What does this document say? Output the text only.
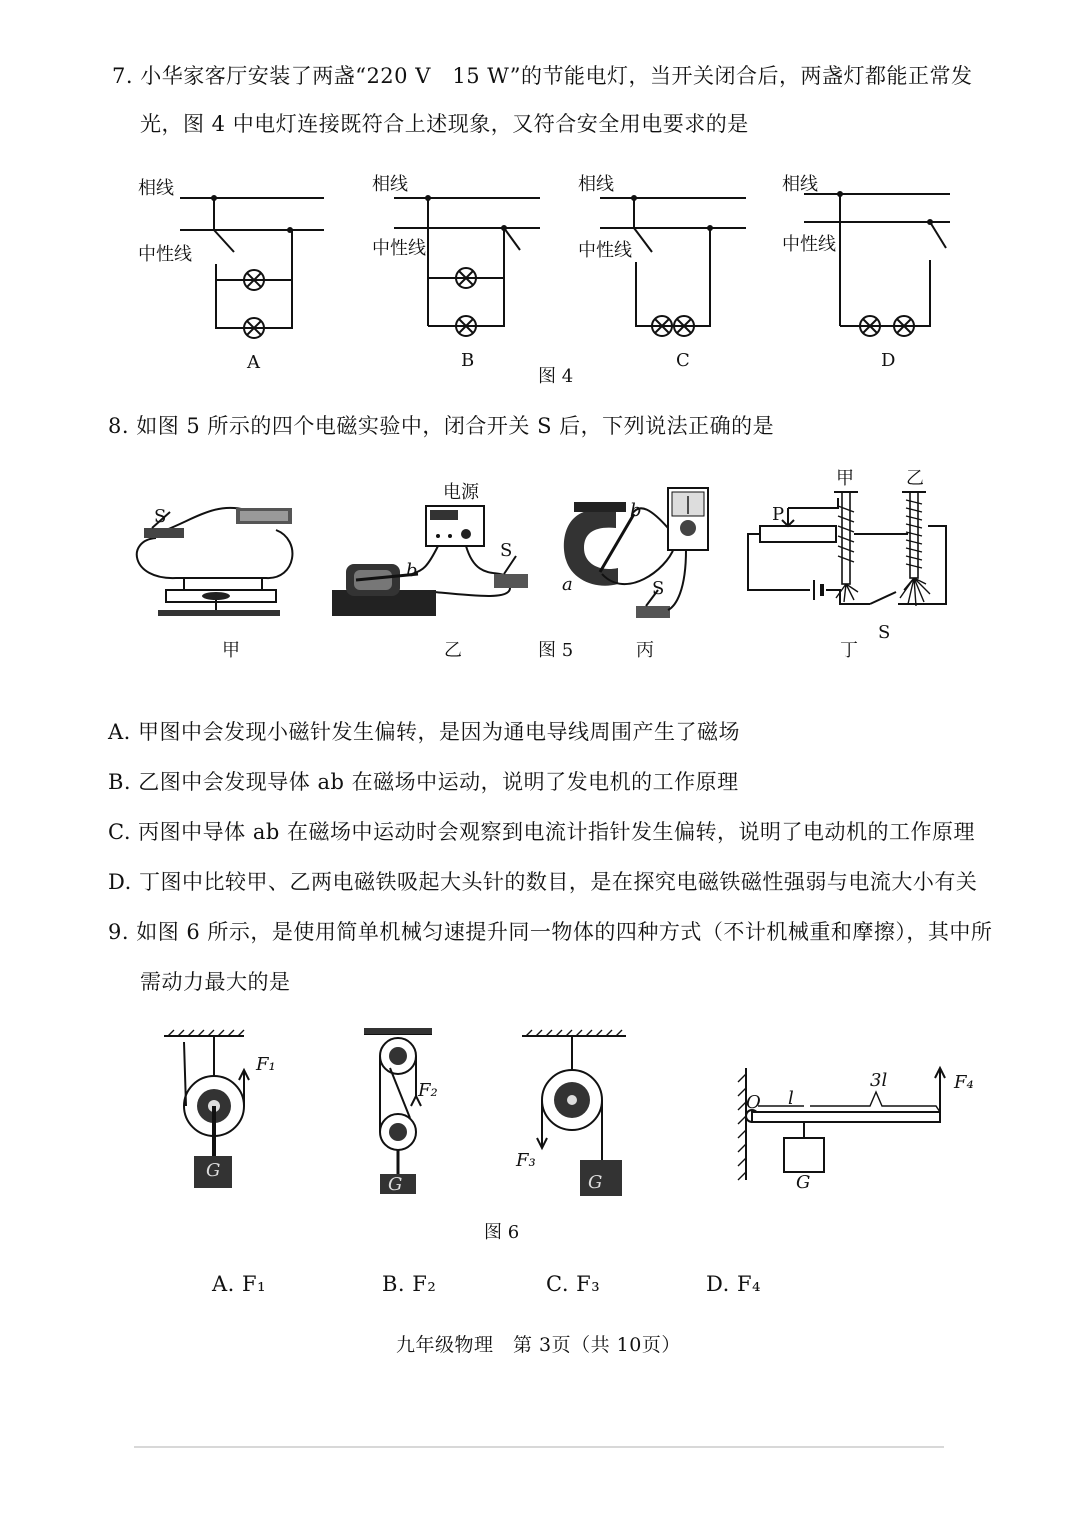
7. 小华家客厅安装了两盏“220 V　15 W”的节能电灯，当开关闭合后，两盏灯都能正常发
光，图 4 中电灯连接既符合上述现象，又符合安全用电要求的是
相线
中性线
A
相线
中性线
B
相线
中性线
C
图 4
相线
中性线
D
8. 如图 5 所示的四个电磁实验中，闭合开关 S 后，下列说法正确的是
S
甲
电源
b
S
乙	图 5
b
a	S
丙
甲	乙
P
S
丁
A. 甲图中会发现小磁针发生偏转，是因为通电导线周围产生了磁场
B. 乙图中会发现导体 ab 在磁场中运动，说明了发电机的工作原理
C. 丙图中导体 ab 在磁场中运动时会观察到电流计指针发生偏转，说明了电动机的工作原理
D. 丁图中比较甲、乙两电磁铁吸起大头针的数目，是在探究电磁铁磁性强弱与电流大小有关
9. 如图 6 所示，是使用简单机械匀速提升同一物体的四种方式（不计机械重和摩擦），其中所
需动力最大的是
F₁
G
F₂
G
F₃
G
O l
3l	F₄
G
图 6
A. F₁	B. F₂	C. F₃	D. F₄
九年级物理　第 3页（共 10页）
